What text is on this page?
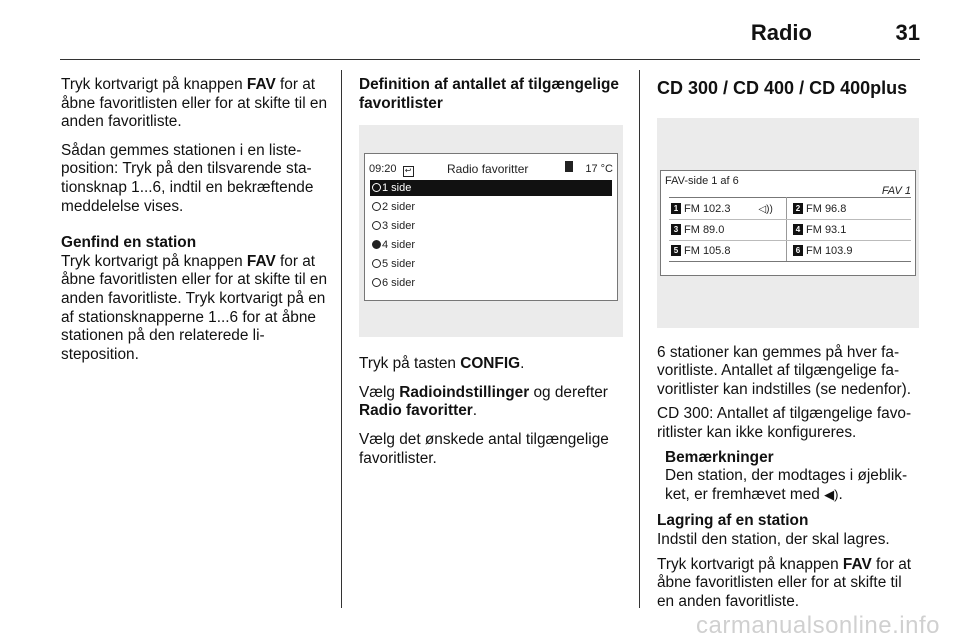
Radio	31

Tryk kortvarigt på knappen FAV for at åbne favoritlisten eller for at skifte til en anden favoritliste.

Sådan gemmes stationen i en liste-position: Tryk på den tilsvarende sta-tionsknap 1...6, indtil en bekræftende meddelelse vises.

Genfind en station

Tryk kortvarigt på knappen FAV for at åbne favoritlisten eller for at skifte til en anden favoritliste. Tryk kortvarigt på en af stationsknapperne 1...6 for at åbne stationen på den relaterede li-steposition.

Definition af antallet af tilgængelige favoritlister

09:20 ↩	Radio favoritter	17 °C
1 side
2 sider
3 sider
4 sider
5 sider
6 sider

Tryk på tasten CONFIG.

Vælg Radioindstillinger og derefter Radio favoritter.

Vælg det ønskede antal tilgængelige favoritlister.

CD 300 / CD 400 / CD 400plus
FAV-side 1 af 6
FAV 1
1 FM 102.3	◁))	2 FM 96.8
3 FM 89.0	4 FM 93.1
5 FM 105.8	6 FM 103.9

6 stationer kan gemmes på hver fa-voritliste. Antallet af tilgængelige fa-voritlister kan indstilles (se nedenfor).

CD 300: Antallet af tilgængelige favo-ritlister kan ikke konfigureres.

Bemærkninger

Den station, der modtages i øjeblik-ket, er fremhævet med ◀).

Lagring af en station

Indstil den station, der skal lagres.

Tryk kortvarigt på knappen FAV for at åbne favoritlisten eller for at skifte til en anden favoritliste.

carmanualsonline.info
